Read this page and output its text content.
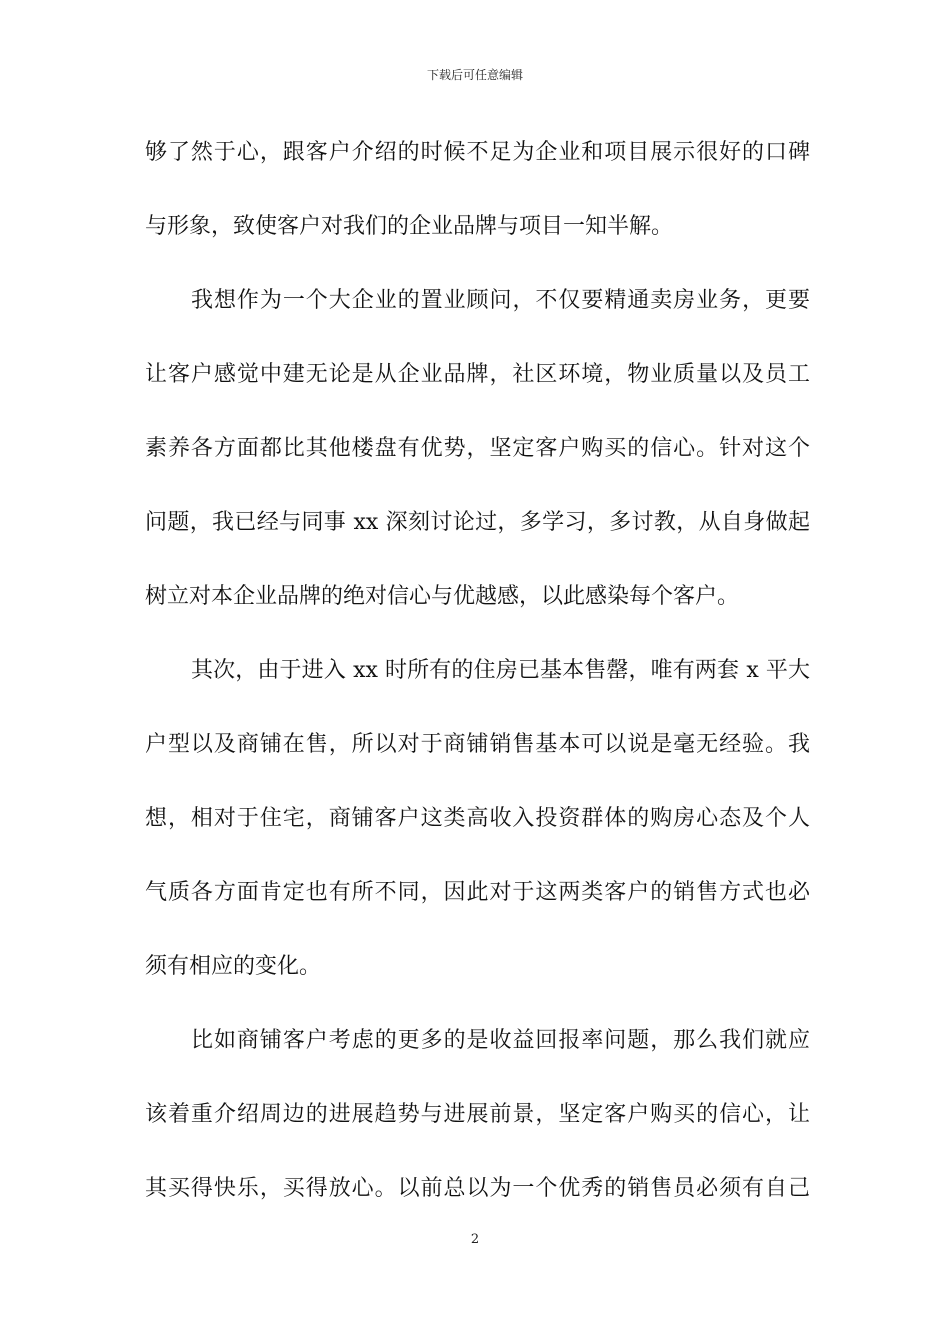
下载后可任意编辑
够了然于心，跟客户介绍的时候不足为企业和项目展示很好的口碑
与形象，致使客户对我们的企业品牌与项目一知半解。
我想作为一个大企业的置业顾问，不仅要精通卖房业务，更要
让客户感觉中建无论是从企业品牌，社区环境，物业质量以及员工
素养各方面都比其他楼盘有优势，坚定客户购买的信心。针对这个
问题，我已经与同事 xx 深刻讨论过，多学习，多讨教，从自身做起
树立对本企业品牌的绝对信心与优越感，以此感染每个客户。
其次，由于进入 xx 时所有的住房已基本售罄，唯有两套 x 平大
户型以及商铺在售，所以对于商铺销售基本可以说是毫无经验。我
想，相对于住宅，商铺客户这类高收入投资群体的购房心态及个人
气质各方面肯定也有所不同，因此对于这两类客户的销售方式也必
须有相应的变化。
比如商铺客户考虑的更多的是收益回报率问题，那么我们就应
该着重介绍周边的进展趋势与进展前景，坚定客户购买的信心，让
其买得快乐，买得放心。以前总以为一个优秀的销售员必须有自己
2
